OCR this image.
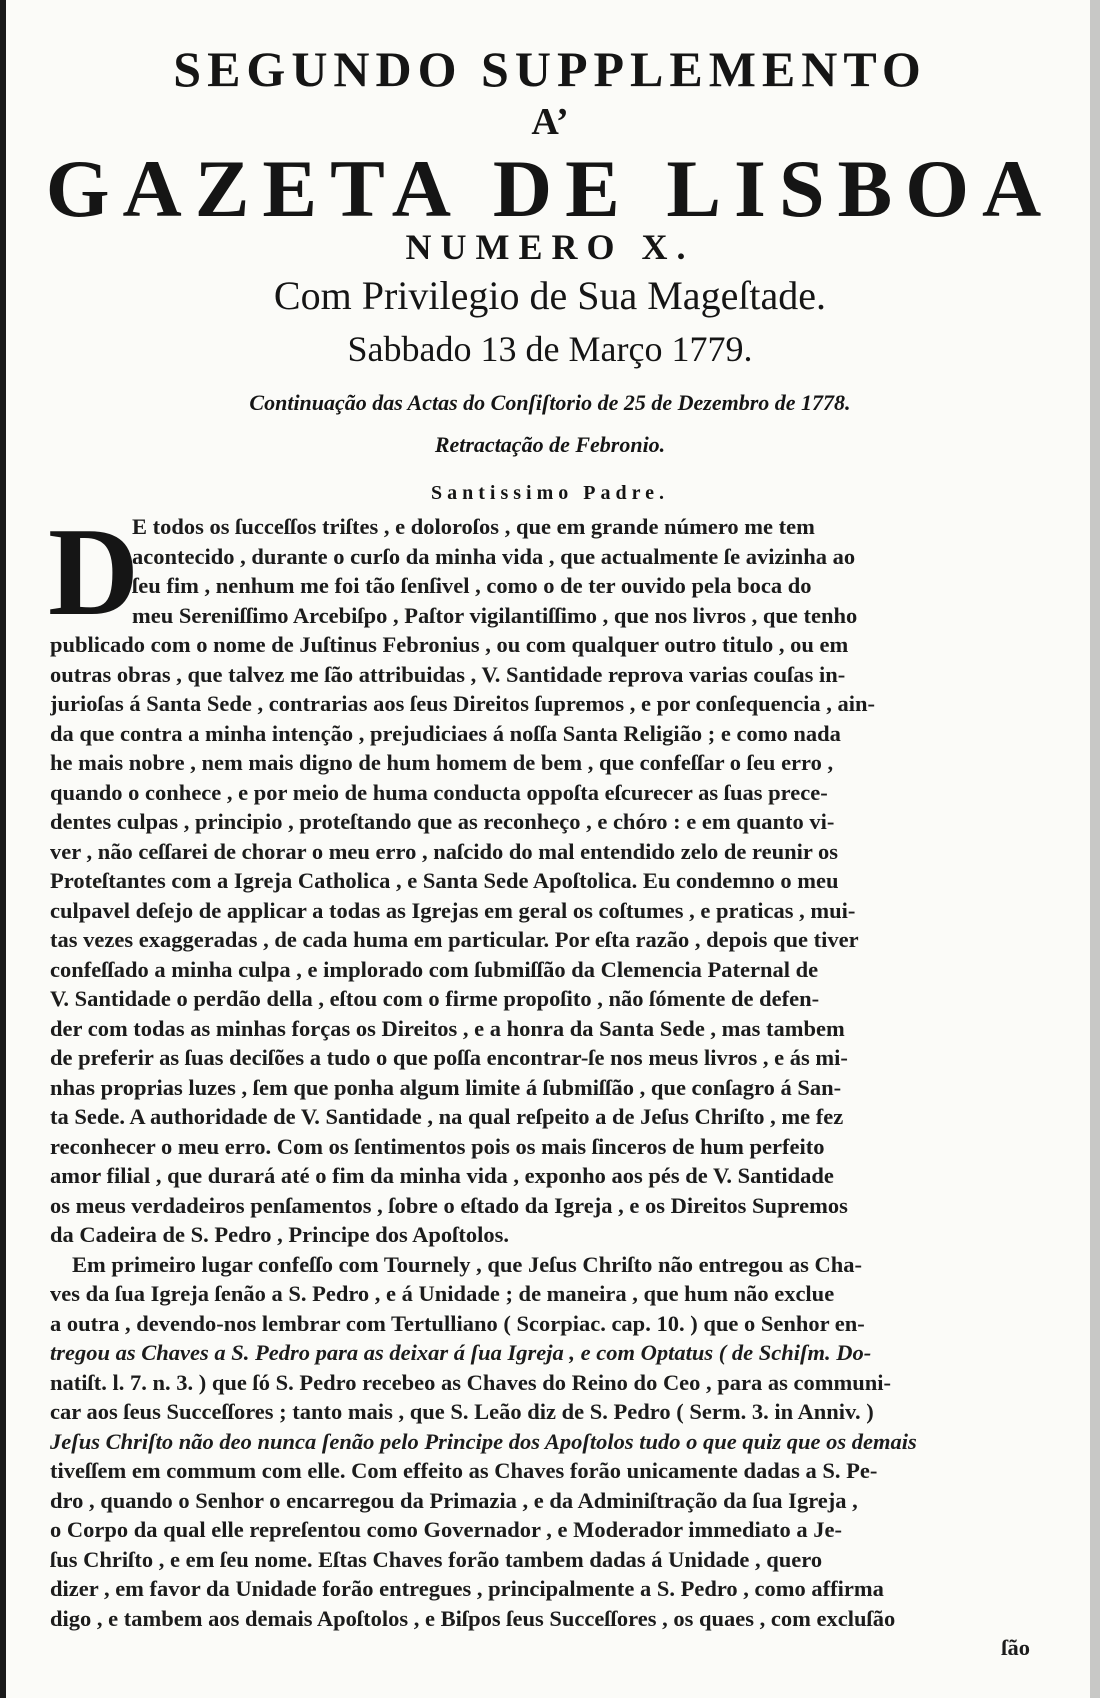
SEGUNDO SUPPLEMENTO
A’
GAZETA DE LISBOA
NUMERO X.
Com Privilegio de Sua Mageſtade.
Sabbado 13 de Março 1779.
Continuação das Actas do Conſiſtorio de 25 de Dezembro de 1778.
Retractação de Febronio.
Santissimo Padre.
D
E todos os ſucceſſos triſtes , e doloroſos , que em grande número me tem
acontecido , durante o curſo da minha vida , que actualmente ſe avizinha ao
ſeu fim , nenhum me foi tão ſenſivel , como o de ter ouvido pela boca do
meu Sereniſſimo Arcebiſpo , Paſtor vigilantiſſimo , que nos livros , que tenho
publicado com o nome de Juſtinus Febronius , ou com qualquer outro titulo , ou em
outras obras , que talvez me ſão attribuidas , V. Santidade reprova varias couſas in-
jurioſas á Santa Sede , contrarias aos ſeus Direitos ſupremos , e por conſequencia , ain-
da que contra a minha intenção , prejudiciaes á noſſa Santa Religião ; e como nada
he mais nobre , nem mais digno de hum homem de bem , que confeſſar o ſeu erro ,
quando o conhece , e por meio de huma conducta oppoſta eſcurecer as ſuas prece-
dentes culpas , principio , proteſtando que as reconheço , e chóro : e em quanto vi-
ver , não ceſſarei de chorar o meu erro , naſcido do mal entendido zelo de reunir os
Proteſtantes com a Igreja Catholica , e Santa Sede Apoſtolica. Eu condemno o meu
culpavel deſejo de applicar a todas as Igrejas em geral os coſtumes , e praticas , mui-
tas vezes exaggeradas , de cada huma em particular. Por eſta razão , depois que tiver
confeſſado a minha culpa , e implorado com ſubmiſſão da Clemencia Paternal de
V. Santidade o perdão della , eſtou com o firme propoſito , não ſómente de defen-
der com todas as minhas forças os Direitos , e a honra da Santa Sede , mas tambem
de preferir as ſuas deciſões a tudo o que poſſa encontrar-ſe nos meus livros , e ás mi-
nhas proprias luzes , ſem que ponha algum limite á ſubmiſſão , que conſagro á San-
ta Sede. A authoridade de V. Santidade , na qual reſpeito a de Jeſus Chriſto , me fez
reconhecer o meu erro. Com os ſentimentos pois os mais ſinceros de hum perfeito
amor filial , que durará até o fim da minha vida , exponho aos pés de V. Santidade
os meus verdadeiros penſamentos , ſobre o eſtado da Igreja , e os Direitos Supremos
da Cadeira de S. Pedro , Principe dos Apoſtolos.
Em primeiro lugar confeſſo com Tournely , que Jeſus Chriſto não entregou as Cha-
ves da ſua Igreja ſenão a S. Pedro , e á Unidade ; de maneira , que hum não exclue
a outra , devendo-nos lembrar com Tertulliano ( Scorpiac. cap. 10. ) que o Senhor en-
tregou as Chaves a S. Pedro para as deixar á ſua Igreja , e com Optatus ( de Schiſm. Do-
natiſt. l. 7. n. 3. ) que ſó S. Pedro recebeo as Chaves do Reino do Ceo , para as communi-
car aos ſeus Succeſſores ; tanto mais , que S. Leão diz de S. Pedro ( Serm. 3. in Anniv. )
Jeſus Chriſto não deo nunca ſenão pelo Principe dos Apoſtolos tudo o que quiz que os demais
tiveſſem em commum com elle. Com effeito as Chaves forão unicamente dadas a S. Pe-
dro , quando o Senhor o encarregou da Primazia , e da Adminiſtração da ſua Igreja ,
o Corpo da qual elle repreſentou como Governador , e Moderador immediato a Je-
ſus Chriſto , e em ſeu nome. Eſtas Chaves forão tambem dadas á Unidade , quero
dizer , em favor da Unidade forão entregues , principalmente a S. Pedro , como affirma
digo , e tambem aos demais Apoſtolos , e Biſpos ſeus Succeſſores , os quaes , com excluſão
ſão
